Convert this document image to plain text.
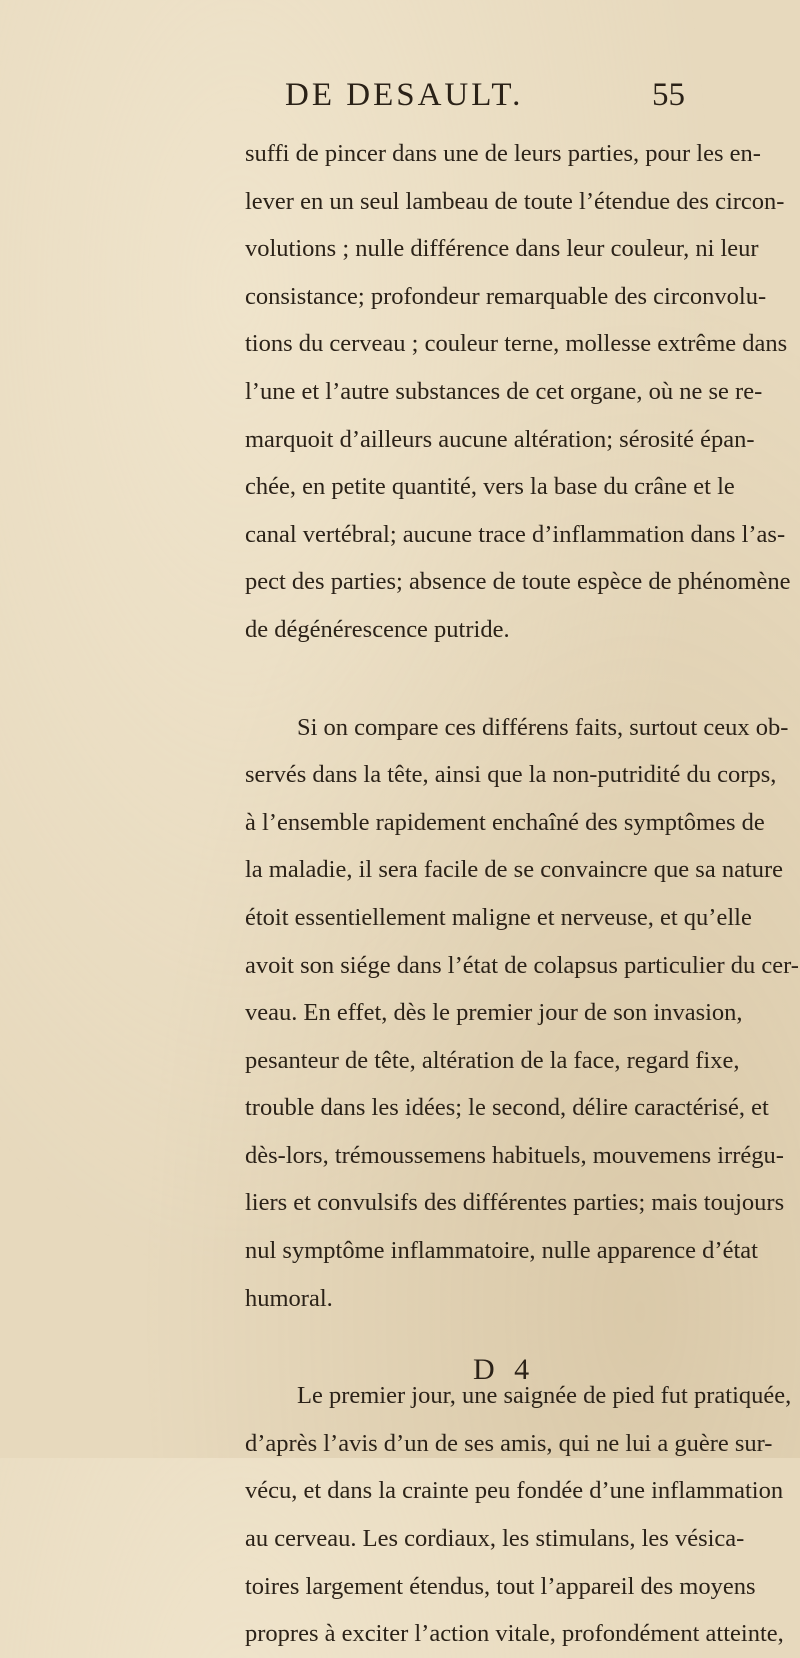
DE DESAULT.	55
suffi de pincer dans une de leurs parties, pour les en-
lever en un seul lambeau de toute l’étendue des circon-
volutions ; nulle différence dans leur couleur, ni leur
consistance; profondeur remarquable des circonvolu-
tions du cerveau ; couleur terne, mollesse extrême dans
l’une et l’autre substances de cet organe, où ne se re-
marquoit d’ailleurs aucune altération; sérosité épan-
chée, en petite quantité, vers la base du crâne et le
canal vertébral; aucune trace d’inflammation dans l’as-
pect des parties; absence de toute espèce de phénomène
de dégénérescence putride.
Si on compare ces différens faits, surtout ceux ob-
servés dans la tête, ainsi que la non-putridité du corps,
à l’ensemble rapidement enchaîné des symptômes de
la maladie, il sera facile de se convaincre que sa nature
étoit essentiellement maligne et nerveuse, et qu’elle
avoit son siége dans l’état de colapsus particulier du cer-
veau. En effet, dès le premier jour de son invasion,
pesanteur de tête, altération de la face, regard fixe,
trouble dans les idées; le second, délire caractérisé, et
dès-lors, trémoussemens habituels, mouvemens irrégu-
liers et convulsifs des différentes parties; mais toujours
nul symptôme inflammatoire, nulle apparence d’état
humoral.
Le premier jour, une saignée de pied fut pratiquée,
d’après l’avis d’un de ses amis, qui ne lui a guère sur-
vécu, et dans la crainte peu fondée d’une inflammation
au cerveau. Les cordiaux, les stimulans, les vésica-
toires largement étendus, tout l’appareil des moyens
propres à exciter l’action vitale, profondément atteinte,
D 4
